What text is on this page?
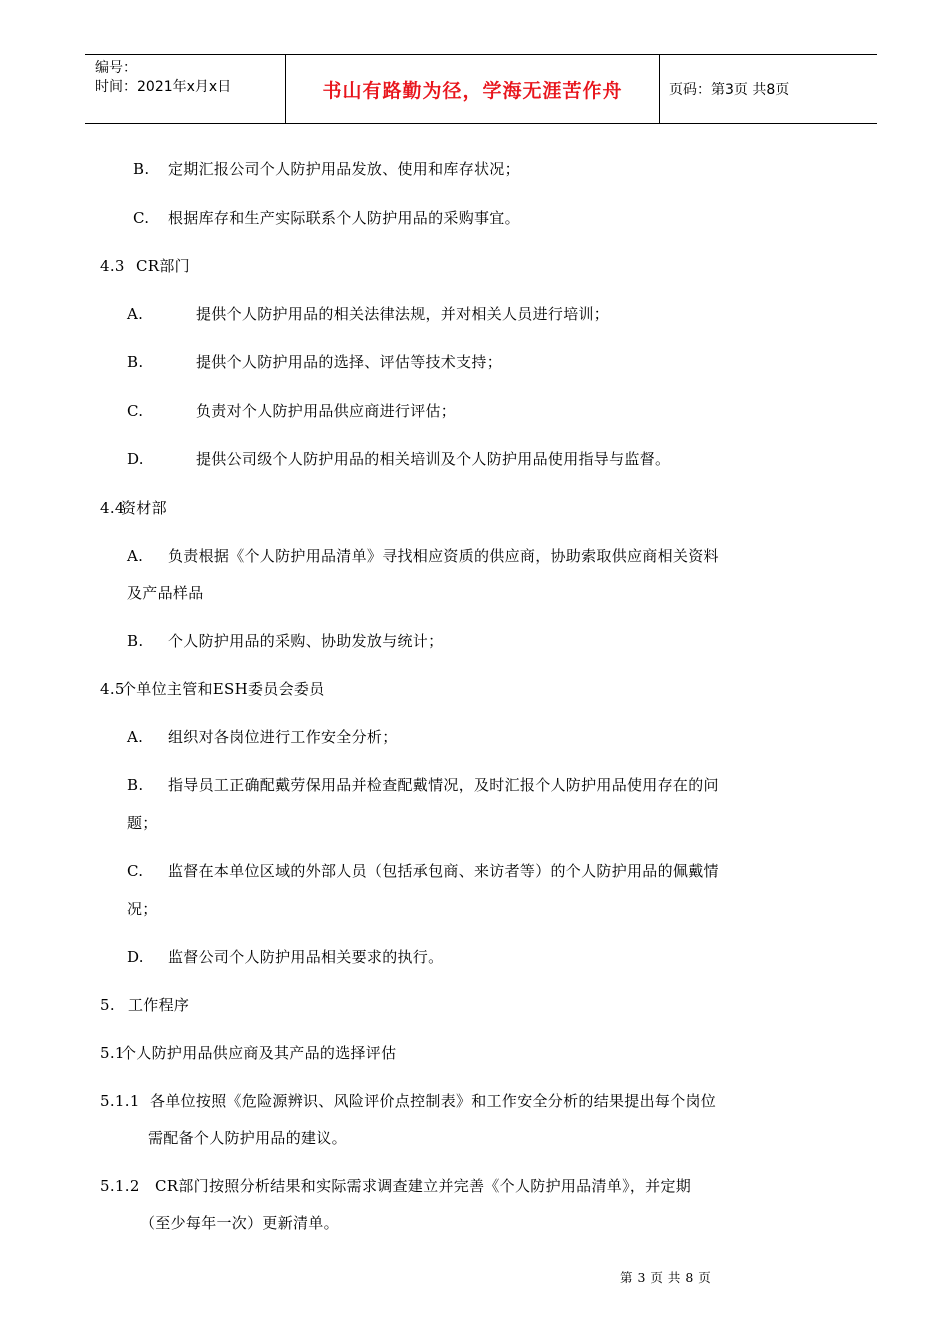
编号：
时间：2021年x月x日	书山有路勤为径，学海无涯苦作舟	页码：第3页 共8页
B. 定期汇报公司个人防护用品发放、使用和库存状况；
C. 根据库存和生产实际联系个人防护用品的采购事宜。
4.3 CR部门
A.	提供个人防护用品的相关法律法规，并对相关人员进行培训；
B.	提供个人防护用品的选择、评估等技术支持；
C.	负责对个人防护用品供应商进行评估；
D.	提供公司级个人防护用品的相关培训及个人防护用品使用指导与监督。
4.4资材部
A. 负责根据《个人防护用品清单》寻找相应资质的供应商，协助索取供应商相关资料
及产品样品
B. 个人防护用品的采购、协助发放与统计；
4.5个单位主管和ESH委员会委员
A. 组织对各岗位进行工作安全分析；
B. 指导员工正确配戴劳保用品并检查配戴情况，及时汇报个人防护用品使用存在的问
题；
C. 监督在本单位区域的外部人员（包括承包商、来访者等）的个人防护用品的佩戴情
况；
D. 监督公司个人防护用品相关要求的执行。
5. 工作程序
5.1个人防护用品供应商及其产品的选择评估
5.1.1 各单位按照《危险源辨识、风险评价点控制表》和工作安全分析的结果提出每个岗位
需配备个人防护用品的建议。
5.1.2 CR部门按照分析结果和实际需求调查建立并完善《个人防护用品清单》，并定期
（至少每年一次）更新清单。
第 3 页 共 8 页
